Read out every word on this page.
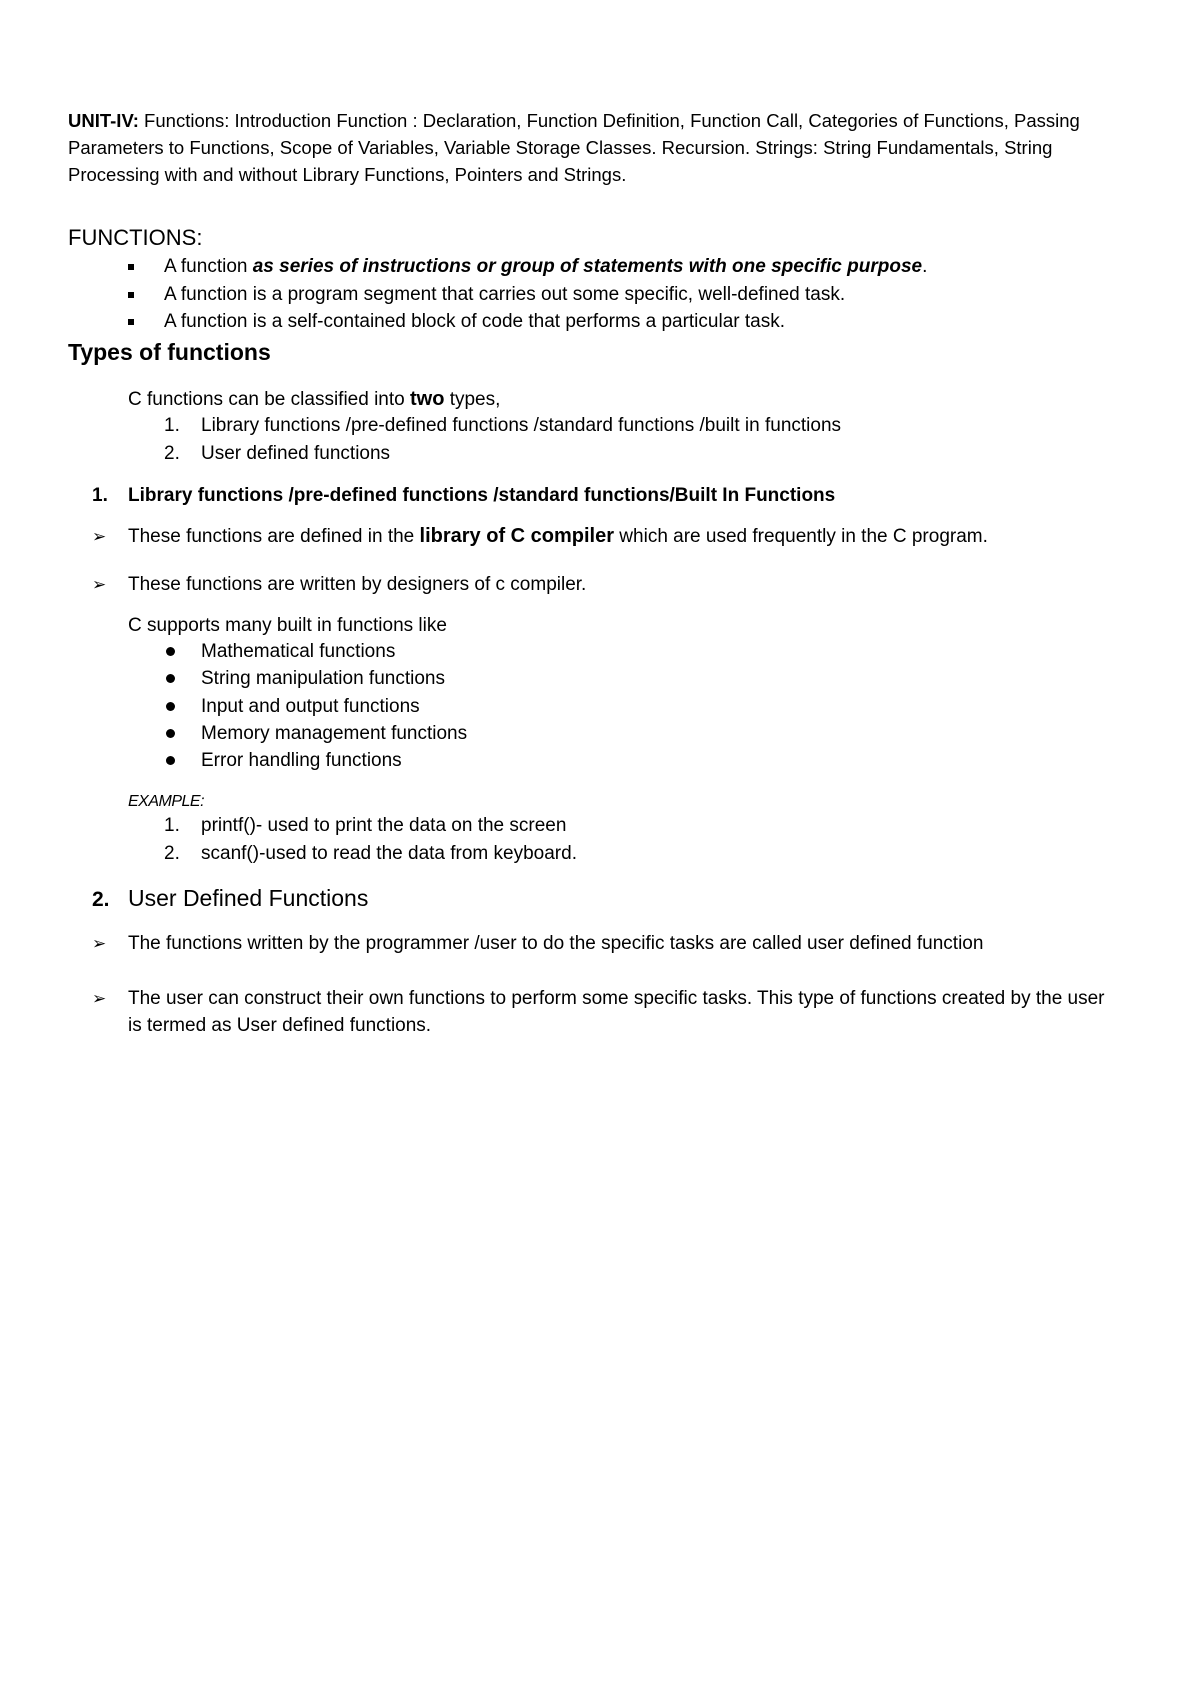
UNIT-IV: Functions: Introduction Function : Declaration, Function Definition, Function Call, Categories of Functions, Passing Parameters to Functions, Scope of Variables, Variable Storage Classes. Recursion. Strings: String Fundamentals, String Processing with and without Library Functions, Pointers and Strings.
FUNCTIONS:
A function as series of instructions or group of statements with one specific purpose.
A function is a program segment that carries out some specific, well-defined task.
A function is a self-contained block of code that performs a particular task.
Types of functions
C functions can be classified into two types,
1. Library functions /pre-defined functions /standard functions /built in functions
2. User defined functions
1. Library functions /pre-defined functions /standard functions/Built In Functions
➢ These functions are defined in the library of C compiler which are used frequently in the C program.
➢ These functions are written by designers of c compiler.
C supports many built in functions like
Mathematical functions
String manipulation functions
Input and output functions
Memory management functions
Error handling functions
EXAMPLE:
1. printf()- used to print the data on the screen
2. scanf()-used to read the data from keyboard.
2. User Defined Functions
➢ The functions written by the programmer /user to do the specific tasks are called user defined function
➢ The user can construct their own functions to perform some specific tasks. This type of functions created by the user is termed as User defined functions.
